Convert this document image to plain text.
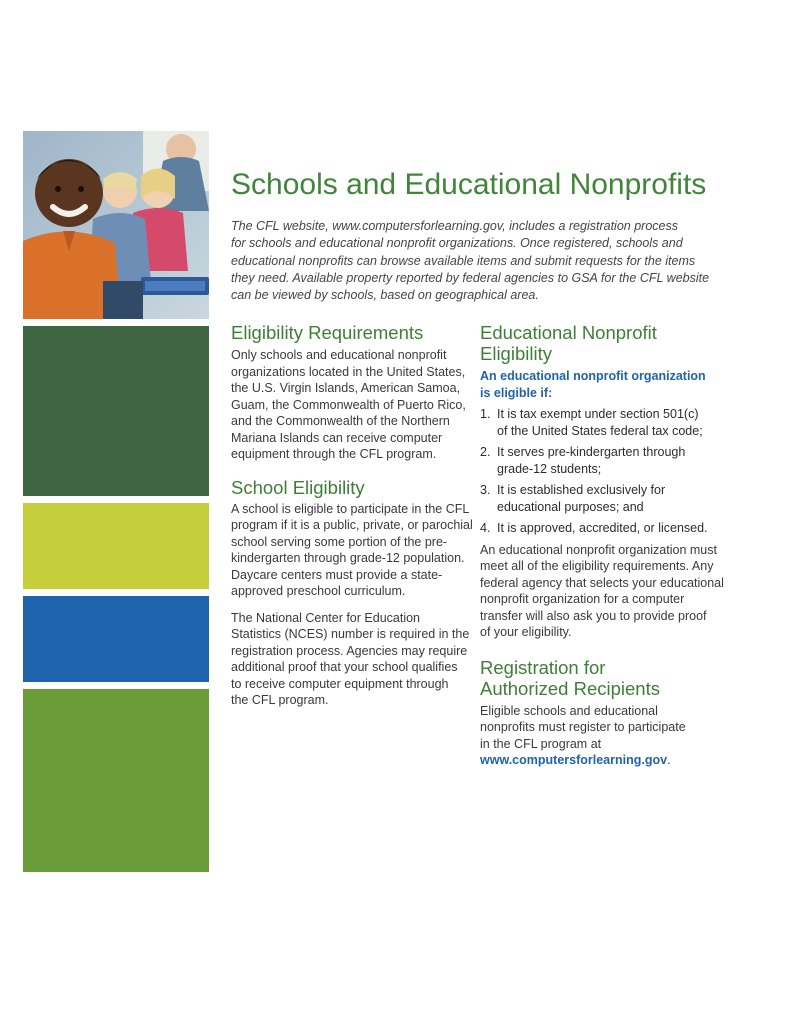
Schools and Educational Nonprofits

The CFL website, www.computersforlearning.gov, includes a registration process
for schools and educational nonprofit organizations. Once registered, schools and
educational nonprofits can browse available items and submit requests for the items
they need. Available property reported by federal agencies to GSA for the CFL website
can be viewed by schools, based on geographical area.

Eligibility Requirements

Only schools and educational nonprofit
organizations located in the United States,
the U.S. Virgin Islands, American Samoa,
Guam, the Commonwealth of Puerto Rico,
and the Commonwealth of the Northern
Mariana Islands can receive computer
equipment through the CFL program.

School Eligibility

A school is eligible to participate in the CFL
program if it is a public, private, or parochial
school serving some portion of the pre-
kindergarten through grade-12 population.
Daycare centers must provide a state-
approved preschool curriculum.

The National Center for Education
Statistics (NCES) number is required in the
registration process. Agencies may require
additional proof that your school qualifies
to receive computer equipment through
the CFL program.

Educational Nonprofit
Eligibility

An educational nonprofit organization
is eligible if:

1. It is tax exempt under section 501(c)
of the United States federal tax code;
2. It serves pre-kindergarten through
grade-12 students;
3. It is established exclusively for
educational purposes; and
4. It is approved, accredited, or licensed.

An educational nonprofit organization must
meet all of the eligibility requirements. Any
federal agency that selects your educational
nonprofit organization for a computer
transfer will also ask you to provide proof
of your eligibility.

Registration for
Authorized Recipients

Eligible schools and educational
nonprofits must register to participate
in the CFL program at
www.computersforlearning.gov.
